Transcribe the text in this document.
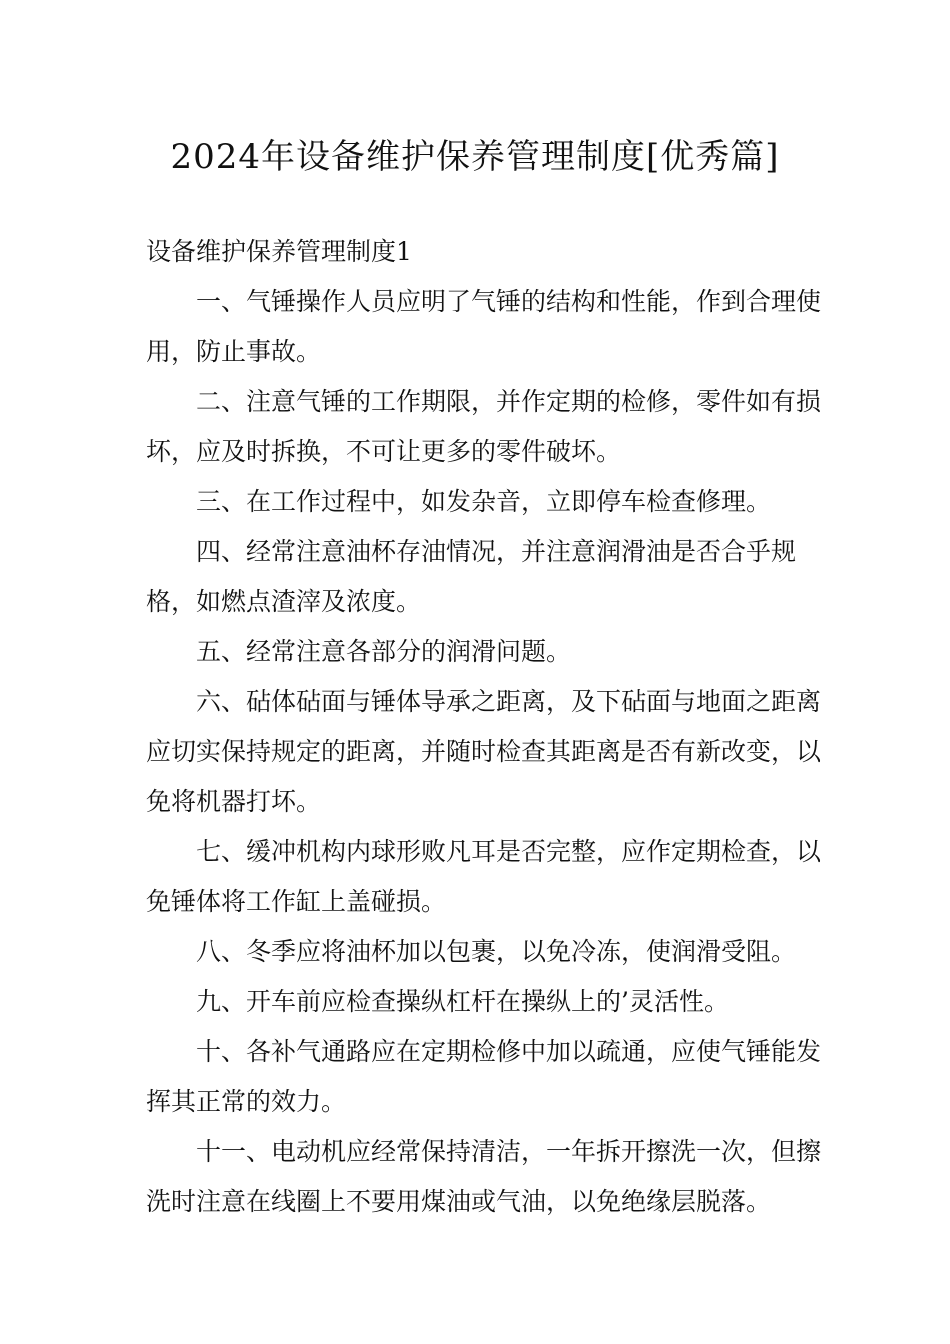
2024年设备维护保养管理制度[优秀篇]

设备维护保养管理制度1

一、气锤操作人员应明了气锤的结构和性能，作到合理使用，防止事故。

二、注意气锤的工作期限，并作定期的检修，零件如有损坏，应及时拆换，不可让更多的零件破坏。

三、在工作过程中，如发杂音，立即停车检查修理。

四、经常注意油杯存油情况，并注意润滑油是否合乎规格，如燃点渣滓及浓度。

五、经常注意各部分的润滑问题。

六、砧体砧面与锤体导承之距离，及下砧面与地面之距离应切实保持规定的距离，并随时检查其距离是否有新改变，以免将机器打坏。

七、缓冲机构内球形败凡耳是否完整，应作定期检查，以免锤体将工作缸上盖碰损。

八、冬季应将油杯加以包裹，以免冷冻，使润滑受阻。

九、开车前应检查操纵杠杆在操纵上的’灵活性。

十、各补气通路应在定期检修中加以疏通，应使气锤能发挥其正常的效力。

十一、电动机应经常保持清洁，一年拆开擦洗一次，但擦洗时注意在线圈上不要用煤油或气油，以免绝缘层脱落。
